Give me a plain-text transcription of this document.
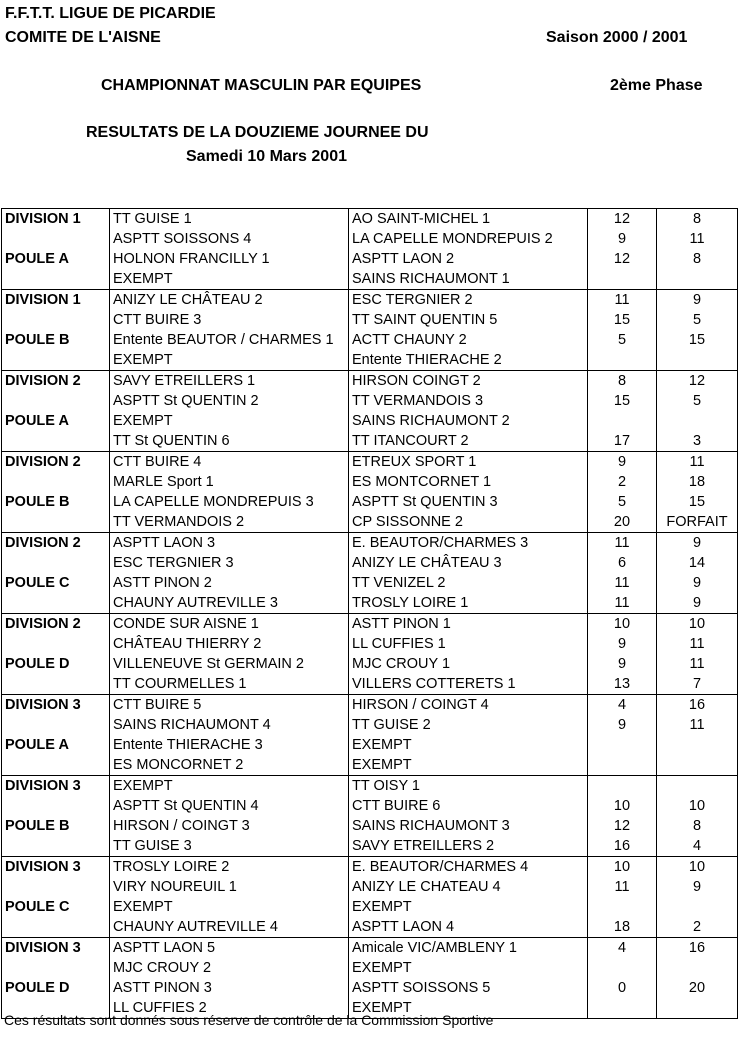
F.F.T.T. LIGUE DE PICARDIE
COMITE DE L'AISNE	Saison 2000 / 2001
CHAMPIONNAT MASCULIN PAR EQUIPES	2ème Phase
RESULTATS DE LA DOUZIEME JOURNEE DU
Samedi 10 Mars 2001
DIVISION 1	TT GUISE 1	AO SAINT-MICHEL 1	12	8
	ASPTT SOISSONS 4	LA CAPELLE MONDREPUIS 2	9	11
POULE A	HOLNON FRANCILLY 1	ASPTT LAON 2	12	8
	EXEMPT	SAINS RICHAUMONT 1		
DIVISION 1	ANIZY LE CHÂTEAU 2	ESC TERGNIER 2	11	9
	CTT BUIRE 3	TT SAINT QUENTIN 5	15	5
POULE B	Entente BEAUTOR / CHARMES 1	ACTT CHAUNY 2	5	15
	EXEMPT	Entente THIERACHE 2		
DIVISION 2	SAVY ETREILLERS 1	HIRSON COINGT 2	8	12
	ASPTT St QUENTIN 2	TT VERMANDOIS 3	15	5
POULE A	EXEMPT	SAINS RICHAUMONT 2		
	TT St QUENTIN 6	TT ITANCOURT 2	17	3
DIVISION 2	CTT BUIRE 4	ETREUX SPORT 1	9	11
	MARLE Sport 1	ES MONTCORNET 1	2	18
POULE B	LA CAPELLE MONDREPUIS 3	ASPTT St QUENTIN 3	5	15
	TT VERMANDOIS 2	CP SISSONNE 2	20	FORFAIT
DIVISION 2	ASPTT LAON 3	E. BEAUTOR/CHARMES 3	11	9
	ESC TERGNIER 3	ANIZY LE CHÂTEAU 3	6	14
POULE C	ASTT PINON 2	TT VENIZEL 2	11	9
	CHAUNY AUTREVILLE 3	TROSLY LOIRE 1	11	9
DIVISION 2	CONDE SUR AISNE 1	ASTT PINON 1	10	10
	CHÂTEAU THIERRY 2	LL CUFFIES 1	9	11
POULE D	VILLENEUVE St GERMAIN 2	MJC CROUY 1	9	11
	TT COURMELLES 1	VILLERS COTTERETS 1	13	7
DIVISION 3	CTT BUIRE 5	HIRSON / COINGT 4	4	16
	SAINS RICHAUMONT 4	TT GUISE 2	9	11
POULE A	Entente THIERACHE 3	EXEMPT		
	ES MONCORNET 2	EXEMPT		
DIVISION 3	EXEMPT	TT OISY 1		
	ASPTT St QUENTIN 4	CTT BUIRE 6	10	10
POULE B	HIRSON / COINGT 3	SAINS RICHAUMONT 3	12	8
	TT GUISE 3	SAVY ETREILLERS 2	16	4
DIVISION 3	TROSLY LOIRE 2	E. BEAUTOR/CHARMES 4	10	10
	VIRY NOUREUIL 1	ANIZY LE CHATEAU 4	11	9
POULE C	EXEMPT	EXEMPT		
	CHAUNY AUTREVILLE 4	ASPTT LAON 4	18	2
DIVISION 3	ASPTT LAON 5	Amicale VIC/AMBLENY 1	4	16
	MJC CROUY 2	EXEMPT		
POULE D	ASTT PINON 3	ASPTT SOISSONS 5	0	20
	LL CUFFIES 2	EXEMPT		
Ces résultats sont donnés sous réserve de contrôle de la Commission Sportive
